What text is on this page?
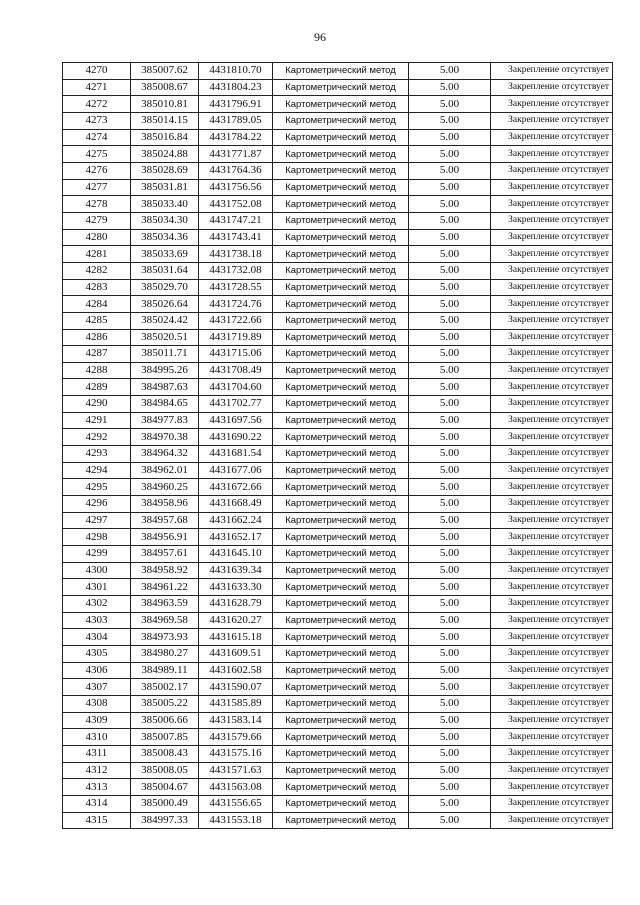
96
4270	385007.62	4431810.70	Картометрический метод	5.00	Закрепление отсутствует
4271	385008.67	4431804.23	Картометрический метод	5.00	Закрепление отсутствует
4272	385010.81	4431796.91	Картометрический метод	5.00	Закрепление отсутствует
4273	385014.15	4431789.05	Картометрический метод	5.00	Закрепление отсутствует
4274	385016.84	4431784.22	Картометрический метод	5.00	Закрепление отсутствует
4275	385024.88	4431771.87	Картометрический метод	5.00	Закрепление отсутствует
4276	385028.69	4431764.36	Картометрический метод	5.00	Закрепление отсутствует
4277	385031.81	4431756.56	Картометрический метод	5.00	Закрепление отсутствует
4278	385033.40	4431752.08	Картометрический метод	5.00	Закрепление отсутствует
4279	385034.30	4431747.21	Картометрический метод	5.00	Закрепление отсутствует
4280	385034.36	4431743.41	Картометрический метод	5.00	Закрепление отсутствует
4281	385033.69	4431738.18	Картометрический метод	5.00	Закрепление отсутствует
4282	385031.64	4431732.08	Картометрический метод	5.00	Закрепление отсутствует
4283	385029.70	4431728.55	Картометрический метод	5.00	Закрепление отсутствует
4284	385026.64	4431724.76	Картометрический метод	5.00	Закрепление отсутствует
4285	385024.42	4431722.66	Картометрический метод	5.00	Закрепление отсутствует
4286	385020.51	4431719.89	Картометрический метод	5.00	Закрепление отсутствует
4287	385011.71	4431715.06	Картометрический метод	5.00	Закрепление отсутствует
4288	384995.26	4431708.49	Картометрический метод	5.00	Закрепление отсутствует
4289	384987.63	4431704.60	Картометрический метод	5.00	Закрепление отсутствует
4290	384984.65	4431702.77	Картометрический метод	5.00	Закрепление отсутствует
4291	384977.83	4431697.56	Картометрический метод	5.00	Закрепление отсутствует
4292	384970.38	4431690.22	Картометрический метод	5.00	Закрепление отсутствует
4293	384964.32	4431681.54	Картометрический метод	5.00	Закрепление отсутствует
4294	384962.01	4431677.06	Картометрический метод	5.00	Закрепление отсутствует
4295	384960.25	4431672.66	Картометрический метод	5.00	Закрепление отсутствует
4296	384958.96	4431668.49	Картометрический метод	5.00	Закрепление отсутствует
4297	384957.68	4431662.24	Картометрический метод	5.00	Закрепление отсутствует
4298	384956.91	4431652.17	Картометрический метод	5.00	Закрепление отсутствует
4299	384957.61	4431645.10	Картометрический метод	5.00	Закрепление отсутствует
4300	384958.92	4431639.34	Картометрический метод	5.00	Закрепление отсутствует
4301	384961.22	4431633.30	Картометрический метод	5.00	Закрепление отсутствует
4302	384963.59	4431628.79	Картометрический метод	5.00	Закрепление отсутствует
4303	384969.58	4431620.27	Картометрический метод	5.00	Закрепление отсутствует
4304	384973.93	4431615.18	Картометрический метод	5.00	Закрепление отсутствует
4305	384980.27	4431609.51	Картометрический метод	5.00	Закрепление отсутствует
4306	384989.11	4431602.58	Картометрический метод	5.00	Закрепление отсутствует
4307	385002.17	4431590.07	Картометрический метод	5.00	Закрепление отсутствует
4308	385005.22	4431585.89	Картометрический метод	5.00	Закрепление отсутствует
4309	385006.66	4431583.14	Картометрический метод	5.00	Закрепление отсутствует
4310	385007.85	4431579.66	Картометрический метод	5.00	Закрепление отсутствует
4311	385008.43	4431575.16	Картометрический метод	5.00	Закрепление отсутствует
4312	385008.05	4431571.63	Картометрический метод	5.00	Закрепление отсутствует
4313	385004.67	4431563.08	Картометрический метод	5.00	Закрепление отсутствует
4314	385000.49	4431556.65	Картометрический метод	5.00	Закрепление отсутствует
4315	384997.33	4431553.18	Картометрический метод	5.00	Закрепление отсутствует
